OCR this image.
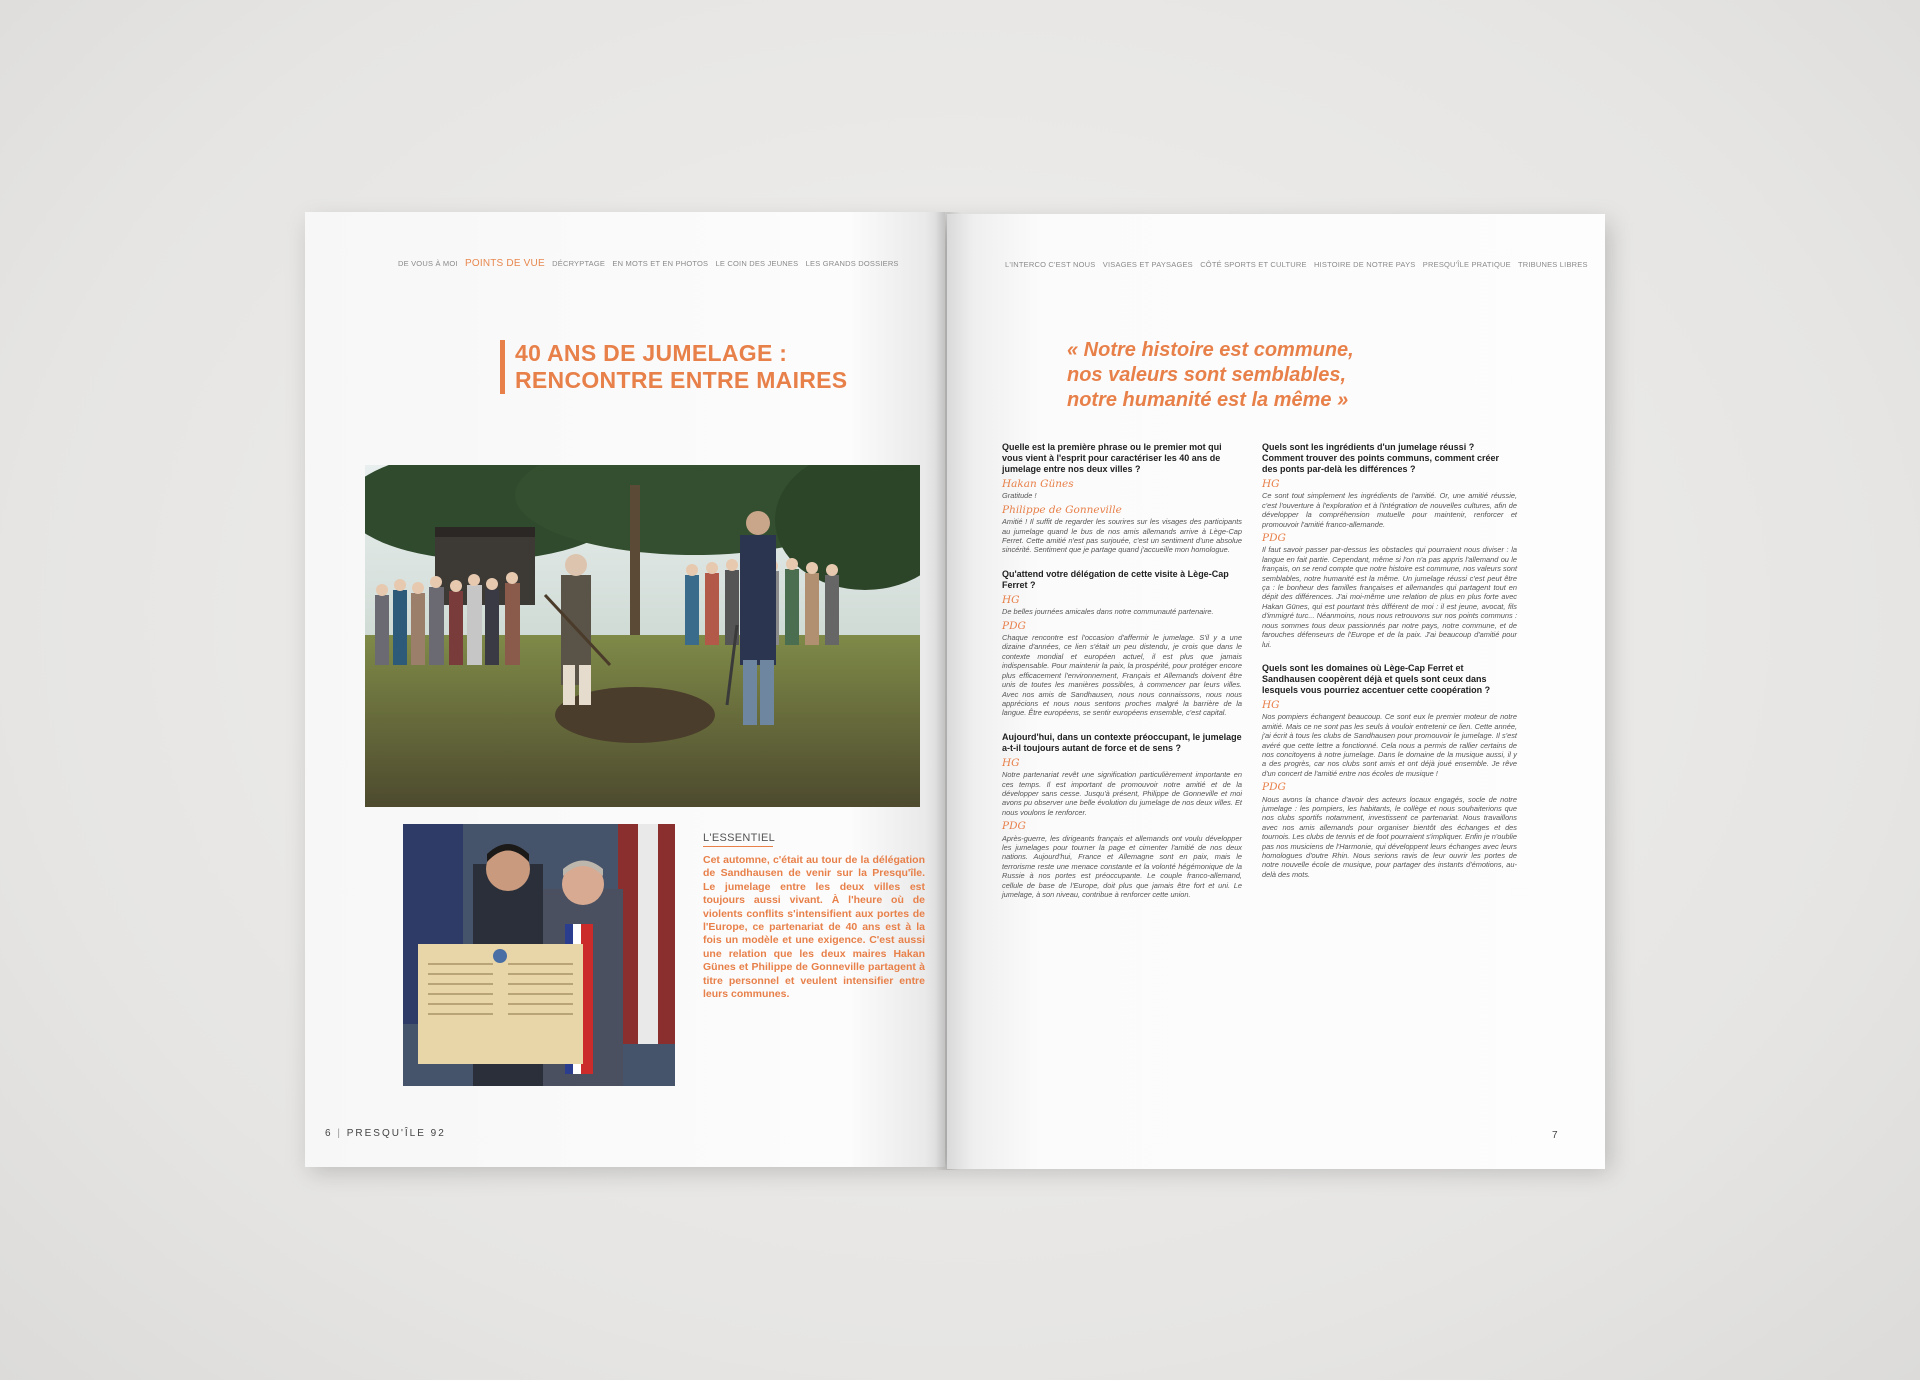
DE VOUS À MOI POINTS DE VUE DÉCRYPTAGE EN MOTS ET EN PHOTOS LE COIN DES JEUNES LES GRANDS DOSSIERS
40 ANS DE JUMELAGE :
RENCONTRE ENTRE MAIRES
L'ESSENTIEL
Cet automne, c'était au tour de la délégation de Sandhausen de venir sur la Presqu'île. Le jumelage entre les deux villes est toujours aussi vivant. À l'heure où de violents conflits s'intensifient aux portes de l'Europe, ce partenariat de 40 ans est à la fois un modèle et une exigence. C'est aussi une relation que les deux maires Hakan Günes et Philippe de Gonneville partagent à titre personnel et veulent intensifier entre leurs communes.
6 | PRESQU'ÎLE 92
L'INTERCO C'EST NOUS VISAGES ET PAYSAGES CÔTÉ SPORTS ET CULTURE HISTOIRE DE NOTRE PAYS PRESQU'ÎLE PRATIQUE TRIBUNES LIBRES
« Notre histoire est commune,
nos valeurs sont semblables,
notre humanité est la même »

Quelle est la première phrase ou le premier mot qui vous vient à l'esprit pour caractériser les 40 ans de jumelage entre nos deux villes ?

Hakan Günes

Gratitude !

Philippe de Gonneville

Amitié ! Il suffit de regarder les sourires sur les visages des participants au jumelage quand le bus de nos amis allemands arrive à Lège-Cap Ferret. Cette amitié n'est pas surjouée, c'est un sentiment d'une absolue sincérité. Sentiment que je partage quand j'accueille mon homologue.

Qu'attend votre délégation de cette visite à Lège-Cap Ferret ?

HG

De belles journées amicales dans notre communauté partenaire.

PDG

Chaque rencontre est l'occasion d'affermir le jumelage. S'il y a une dizaine d'années, ce lien s'était un peu distendu, je crois que dans le contexte mondial et européen actuel, il est plus que jamais indispensable. Pour maintenir la paix, la prospérité, pour protéger encore plus efficacement l'environnement, Français et Allemands doivent être unis de toutes les manières possibles, à commencer par leurs villes. Avec nos amis de Sandhausen, nous nous connaissons, nous nous apprécions et nous nous sentons proches malgré la barrière de la langue. Être européens, se sentir européens ensemble, c'est capital.

Aujourd'hui, dans un contexte préoccupant, le jumelage a-t-il toujours autant de force et de sens ?

HG

Notre partenariat revêt une signification particulièrement importante en ces temps. Il est important de promouvoir notre amitié et de la développer sans cesse. Jusqu'à présent, Philippe de Gonneville et moi avons pu observer une belle évolution du jumelage de nos deux villes. Et nous voulons le renforcer.

PDG

Après-guerre, les dirigeants français et allemands ont voulu développer les jumelages pour tourner la page et cimenter l'amitié de nos deux nations. Aujourd'hui, France et Allemagne sont en paix, mais le terrorisme reste une menace constante et la volonté hégémonique de la Russie à nos portes est préoccupante. Le couple franco-allemand, cellule de base de l'Europe, doit plus que jamais être fort et uni. Le jumelage, à son niveau, contribue à renforcer cette union.

Quels sont les ingrédients d'un jumelage réussi ? Comment trouver des points communs, comment créer des ponts par-delà les différences ?

HG

Ce sont tout simplement les ingrédients de l'amitié. Or, une amitié réussie, c'est l'ouverture à l'exploration et à l'intégration de nouvelles cultures, afin de développer la compréhension mutuelle pour maintenir, renforcer et promouvoir l'amitié franco-allemande.

PDG

Il faut savoir passer par-dessus les obstacles qui pourraient nous diviser : la langue en fait partie. Cependant, même si l'on n'a pas appris l'allemand ou le français, on se rend compte que notre histoire est commune, nos valeurs sont semblables, notre humanité est la même. Un jumelage réussi c'est peut être ça : le bonheur des familles françaises et allemandes qui partagent tout en dépit des différences. J'ai moi-même une relation de plus en plus forte avec Hakan Günes, qui est pourtant très différent de moi : il est jeune, avocat, fils d'immigré turc... Néanmoins, nous nous retrouvons sur nos points communs : nous sommes tous deux passionnés par notre pays, notre commune, et de farouches défenseurs de l'Europe et de la paix. J'ai beaucoup d'amitié pour lui.

Quels sont les domaines où Lège-Cap Ferret et Sandhausen coopèrent déjà et quels sont ceux dans lesquels vous pourriez accentuer cette coopération ?

HG

Nos pompiers échangent beaucoup. Ce sont eux le premier moteur de notre amitié. Mais ce ne sont pas les seuls à vouloir entretenir ce lien. Cette année, j'ai écrit à tous les clubs de Sandhausen pour promouvoir le jumelage. Il s'est avéré que cette lettre a fonctionné. Cela nous a permis de rallier certains de nos concitoyens à notre jumelage. Dans le domaine de la musique aussi, il y a des progrès, car nos clubs sont amis et ont déjà joué ensemble. Je rêve d'un concert de l'amitié entre nos écoles de musique !

PDG

Nous avons la chance d'avoir des acteurs locaux engagés, socle de notre jumelage : les pompiers, les habitants, le collège et nous souhaiterions que nos clubs sportifs notamment, investissent ce partenariat. Nous travaillons avec nos amis allemands pour organiser bientôt des échanges et des tournois. Les clubs de tennis et de foot pourraient s'impliquer. Enfin je n'oublie pas nos musiciens de l'Harmonie, qui développent leurs échanges avec leurs homologues d'outre Rhin. Nous serions ravis de leur ouvrir les portes de notre nouvelle école de musique, pour partager des instants d'émotions, au-delà des mots.

7
